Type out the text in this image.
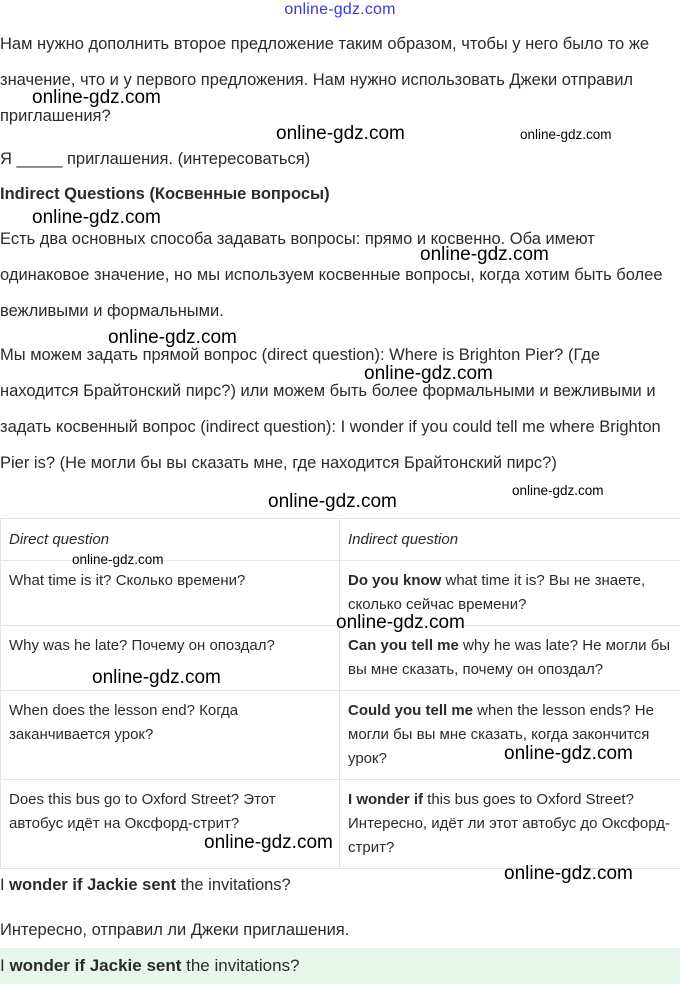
online-gdz.com

Нам нужно дополнить второе предложение таким образом, чтобы у него было то же значение, что и у первого предложения. Нам нужно использовать Джеки отправил приглашения?

Я _____ приглашения. (интересоваться)

Indirect Questions (Косвенные вопросы)

Есть два основных способа задавать вопросы: прямо и косвенно. Оба имеют одинаковое значение, но мы используем косвенные вопросы, когда хотим быть более вежливыми и формальными.

Мы можем задать прямой вопрос (direct question): Where is Brighton Pier? (Где находится Брайтонский пирс?) или можем быть более формальными и вежливыми и задать косвенный вопрос (indirect question): I wonder if you could tell me where Brighton Pier is? (Не могли бы вы сказать мне, где находится Брайтонский пирс?)

Direct question	Indirect question
What time is it? Сколько времени?	Do you know what time it is? Вы не знаете, сколько сейчас времени?
Why was he late? Почему он опоздал?	Can you tell me why he was late? Не могли бы вы мне сказать, почему он опоздал?
When does the lesson end? Когда заканчивается урок?	Could you tell me when the lesson ends? Не могли бы вы мне сказать, когда закончится урок?
Does this bus go to Oxford Street? Этот автобус идёт на Оксфорд-стрит?	I wonder if this bus goes to Oxford Street? Интересно, идёт ли этот автобус до Оксфорд-стрит?

I wonder if Jackie sent the invitations?

Интересно, отправил ли Джеки приглашения.

I wonder if Jackie sent the invitations?
online-gdz.com
online-gdz.com	online-gdz.com
online-gdz.com
online-gdz.com
online-gdz.com
online-gdz.com
online-gdz.com
online-gdz.com
online-gdz.com
online-gdz.com
online-gdz.com
online-gdz.com
online-gdz.com
online-gdz.com
